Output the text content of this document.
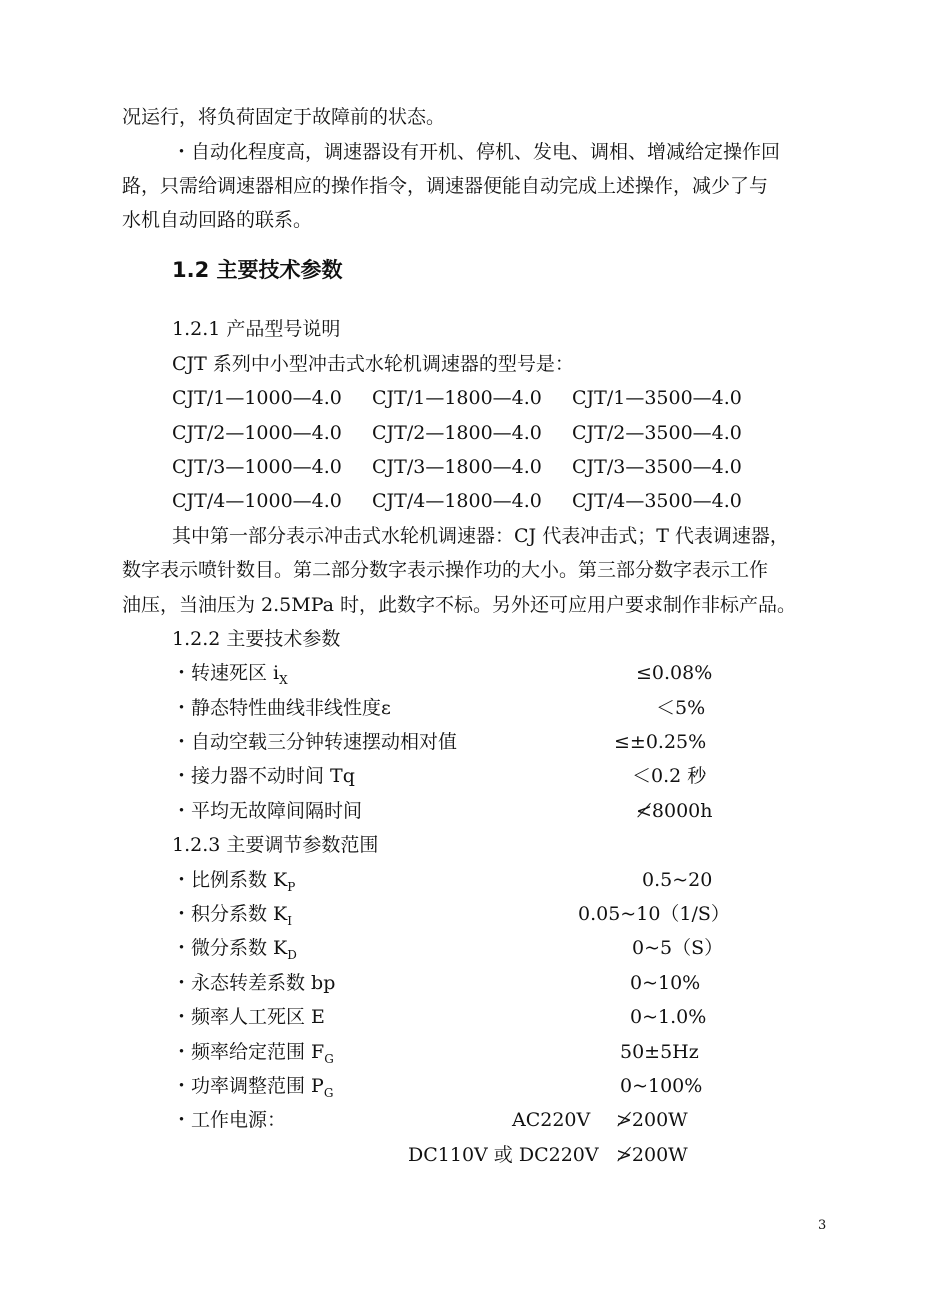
况运行，将负荷固定于故障前的状态。
・自动化程度高，调速器设有开机、停机、发电、调相、增减给定操作回
路，只需给调速器相应的操作指令，调速器便能自动完成上述操作，减少了与
水机自动回路的联系。
1.2 主要技术参数
1.2.1 产品型号说明
CJT 系列中小型冲击式水轮机调速器的型号是：
CJT/1—1000—4.0 CJT/1—1800—4.0 CJT/1—3500—4.0
CJT/2—1000—4.0 CJT/2—1800—4.0 CJT/2—3500—4.0
CJT/3—1000—4.0 CJT/3—1800—4.0 CJT/3—3500—4.0
CJT/4—1000—4.0 CJT/4—1800—4.0 CJT/4—3500—4.0
其中第一部分表示冲击式水轮机调速器：CJ 代表冲击式；T 代表调速器，
数字表示喷针数目。第二部分数字表示操作功的大小。第三部分数字表示工作
油压，当油压为 2.5MPa 时，此数字不标。另外还可应用户要求制作非标产品。
1.2.2 主要技术参数
・转速死区 $i_X$	≤0.08%
・静态特性曲线非线性度ε	＜5%
・自动空载三分钟转速摆动相对值	≤±0.25%
・接力器不动时间 Tq	＜0.2 秒
・平均无故障间隔时间	≮8000h
1.2.3 主要调节参数范围
・比例系数 $K_P$	0.5~20
・积分系数 $K_I$	0.05~10（1/S）
・微分系数 $K_D$	0~5（S）
・永态转差系数 bp	0~10%
・频率人工死区 E	0~1.0%
・频率给定范围 $F_G$	50±5Hz
・功率调整范围 $P_G$	0~100%
・工作电源：	AC220V ≯200W
DC110V 或 DC220V ≯200W
3
